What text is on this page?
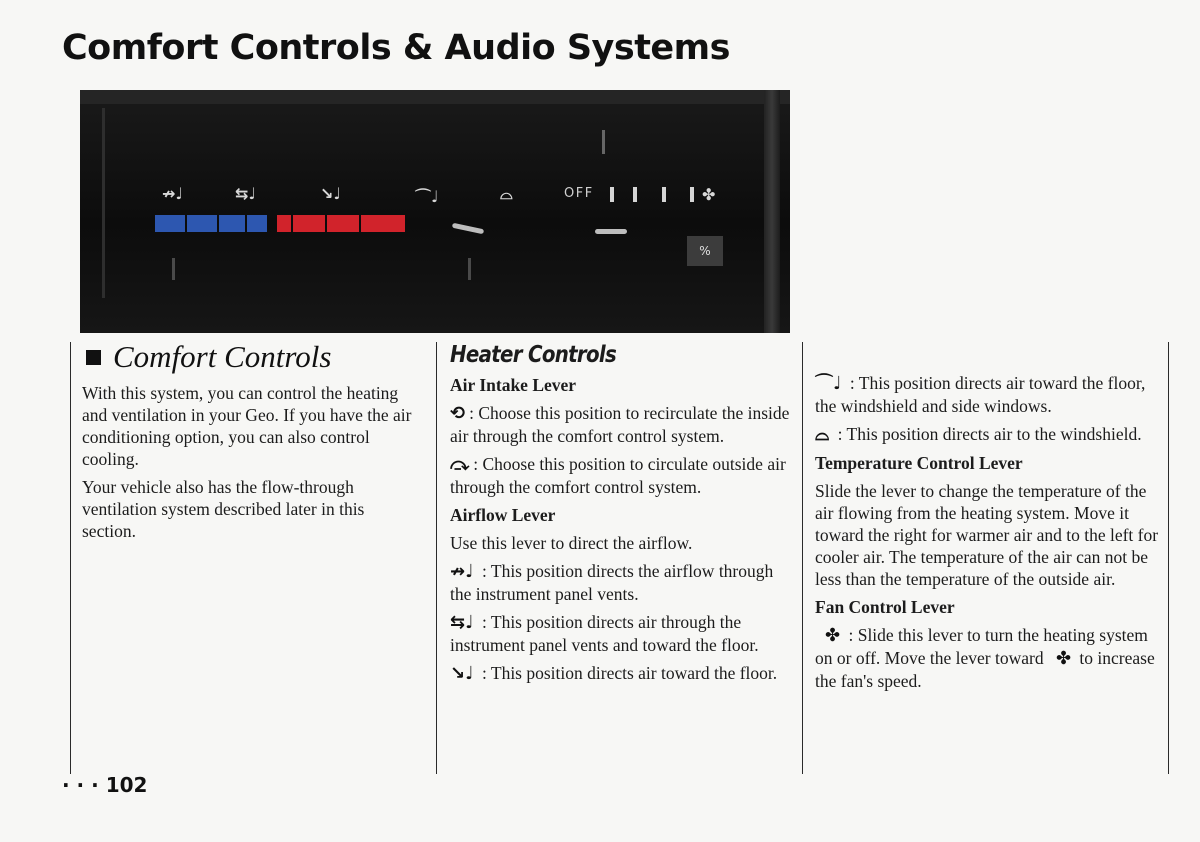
Comfort Controls & Audio Systems
↛♩	⇆♩	↘♩	⌒♩	⌓	OFF	✤
%
Comfort Controls

With this system, you can control the heating and ventilation in your Geo. If you have the air conditioning option, you can also control cooling.

Your vehicle also has the flow-through ventilation system described later in this section.

Heater Controls
Air Intake Lever

⟲ : Choose this position to recirculate the inside air through the comfort control system.

⤼ : Choose this position to circulate outside air through the comfort control system.

Airflow Lever

Use this lever to direct the airflow.

↛♩ : This position directs the airflow through the instrument panel vents.

⇆♩ : This position directs air through the instrument panel vents and toward the floor.

↘♩ : This position directs air toward the floor.

⌒♩ : This position directs air toward the floor, the windshield and side windows.

⌓ : This position directs air to the windshield.

Temperature Control Lever

Slide the lever to change the temperature of the air flowing from the heating system. Move it toward the right for warmer air and to the left for cooler air. The temperature of the air can not be less than the temperature of the outside air.

Fan Control Lever

✤ : Slide this lever to turn the heating system on or off. Move the lever toward ✤ to increase the fan's speed.

· · · 102
